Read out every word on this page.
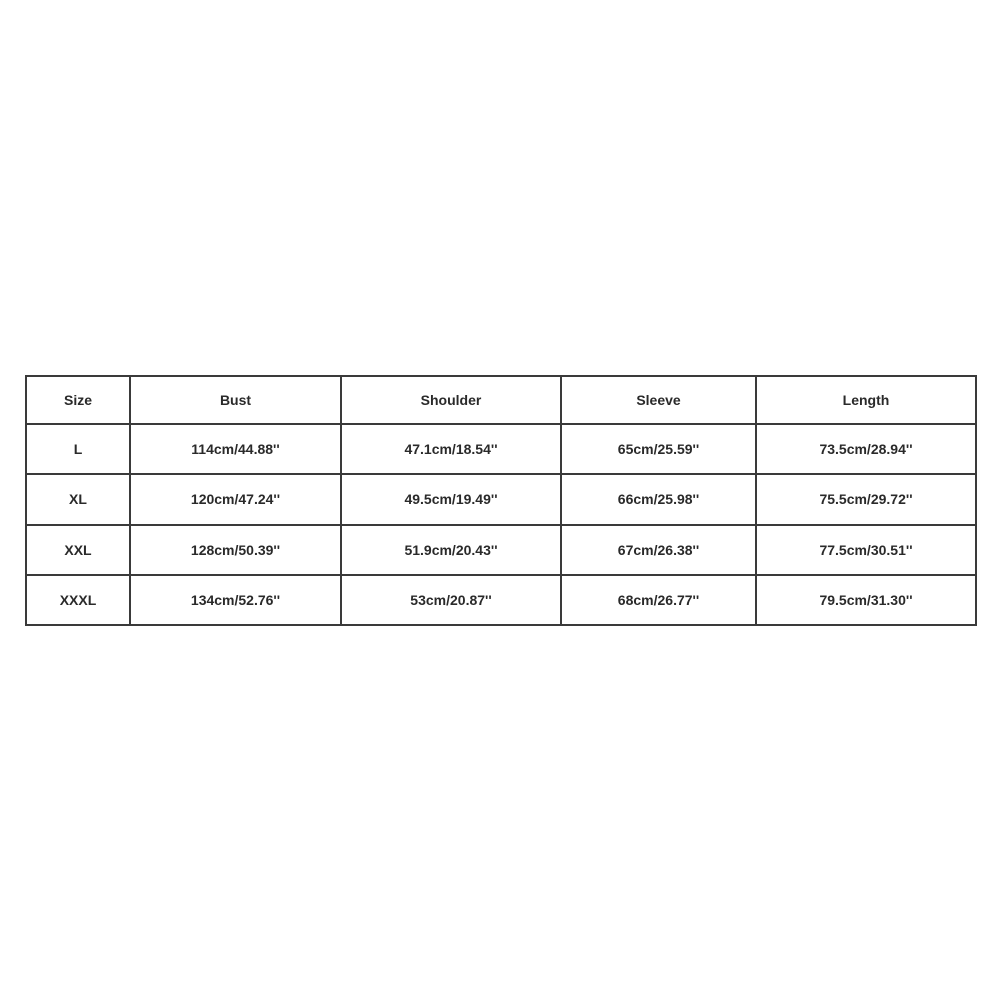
Size	Bust	Shoulder	Sleeve	Length
L	114cm/44.88''	47.1cm/18.54''	65cm/25.59''	73.5cm/28.94''
XL	120cm/47.24''	49.5cm/19.49''	66cm/25.98''	75.5cm/29.72''
XXL	128cm/50.39''	51.9cm/20.43''	67cm/26.38''	77.5cm/30.51''
XXXL	134cm/52.76''	53cm/20.87''	68cm/26.77''	79.5cm/31.30''
